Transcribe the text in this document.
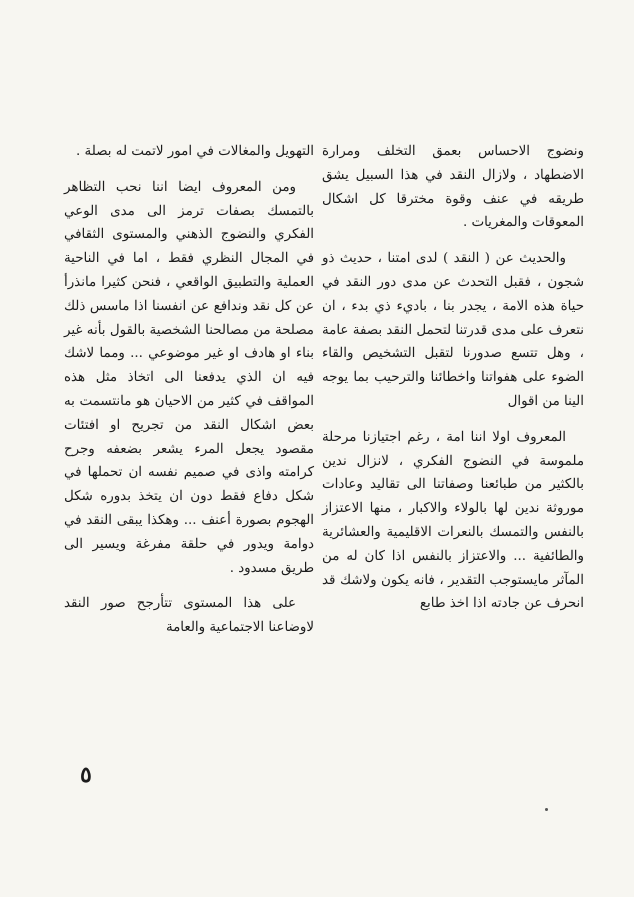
ونضوج الاحساس بعمق التخلف ومرارة الاضطهاد ، ولازال النقد في هذا السبيل يشق طريقه في عنف وقوة مخترقا كل اشكال المعوقات والمغريات .

والحديث عن ( النقد ) لدى امتنا ، حديث ذو شجون ، فقبل التحدث عن مدى دور النقد في حياة هذه الامة ، يجدر بنا ، باديء ذي بدء ، ان نتعرف على مدى قدرتنا لتحمل النقد بصفة عامة ، وهل تتسع صدورنا لتقبل التشخيص والقاء الضوء على هفواتنا واخطائنا والترحيب بما يوجه الينا من اقوال

المعروف اولا اننا امة ، رغم اجتيازنا مرحلة ملموسة في النضوج الفكري ، لانزال ندين بالكثير من طبائعنا وصفاتنا الى تقاليد وعادات موروثة ندين لها بالولاء والاكبار ، منها الاعتزاز بالنفس والتمسك بالنعرات الاقليمية والعشائرية والطائفية ... والاعتزاز بالنفس اذا كان له من المآثر مايستوجب التقدير ، فانه يكون ولاشك قد انحرف عن جادته اذا اخذ طابع

التهويل والمغالات في امور لاتمت له بصلة .

ومن المعروف ايضا اننا نحب التظاهر بالتمسك بصفات ترمز الى مدى الوعي الفكري والنضوج الذهني والمستوى الثقافي في المجال النظري فقط ، اما في الناحية العملية والتطبيق الواقعي ، فنحن كثيرا مانذرأ عن كل نقد وندافع عن انفسنا اذا ماسس ذلك مصلحة من مصالحنا الشخصية بالقول بأنه غير بناء او هادف او غير موضوعي ... ومما لاشك فيه ان الذي يدفعنا الى اتخاذ مثل هذه المواقف في كثير من الاحيان هو مانتسمت به بعض اشكال النقد من تجريح او افتئات مقصود يجعل المرء يشعر بضعفه وجرح كرامته واذى في صميم نفسه ان تحملها في شكل دفاع فقط دون ان يتخذ بدوره شكل الهجوم بصورة أعنف ... وهكذا يبقى النقد في دوامة ويدور في حلقة مفرغة ويسير الى طريق مسدود .

على هذا المستوى تتأرجح صور النقد لاوضاعنا الاجتماعية والعامة

٥
